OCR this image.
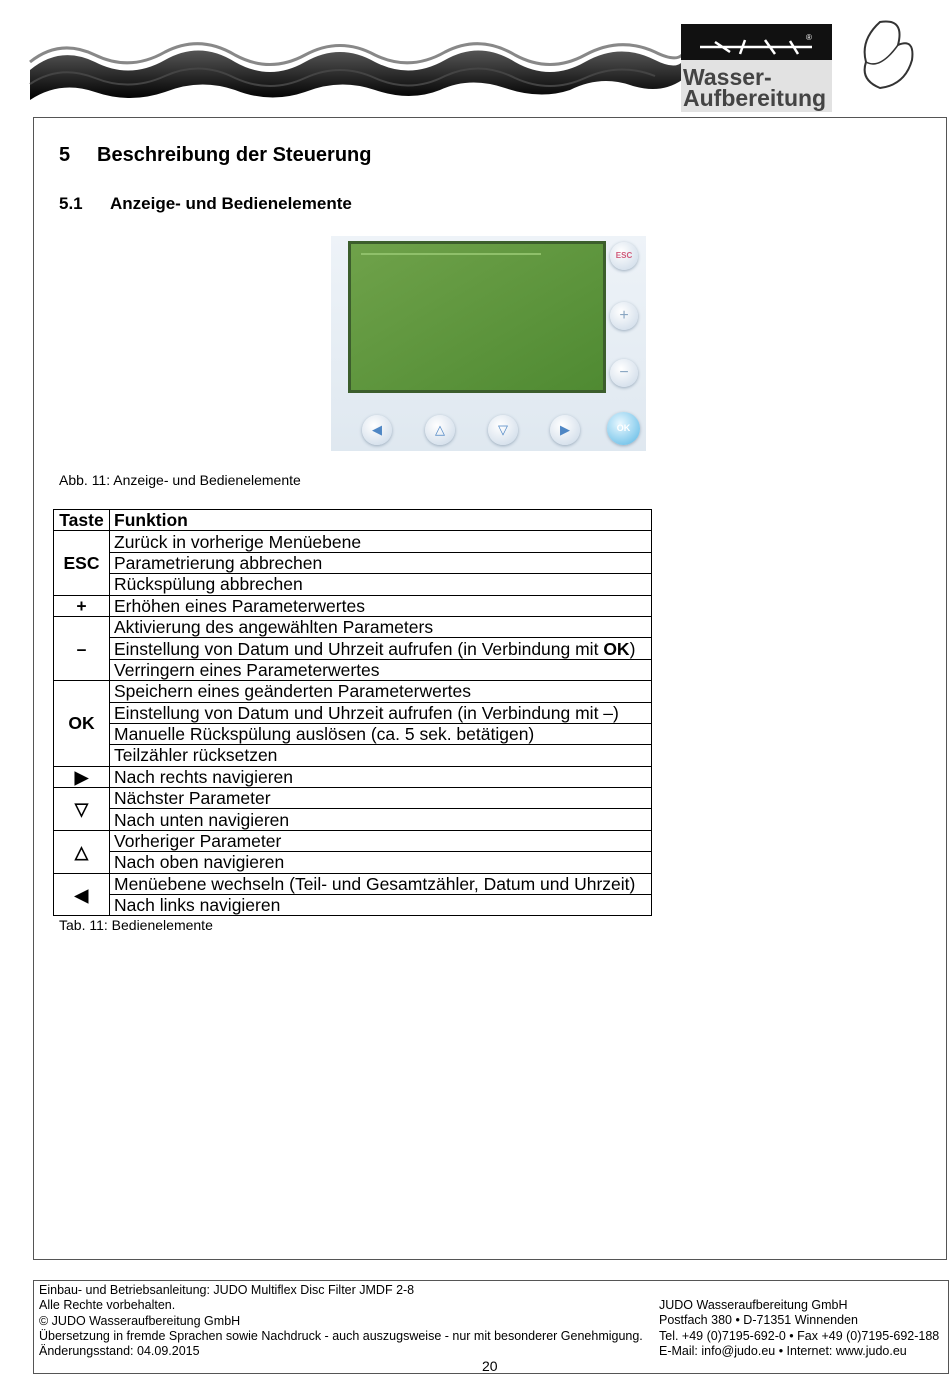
®
Wasser-
Aufbereitung
5 Beschreibung der Steuerung
5.1 Anzeige- und Bedienelemente
ESC
+
−
◀	△	▽	▶	OK
Abb. 11: Anzeige- und Bedienelemente
Taste	Funktion
ESC	Zurück in vorherige Menüebene
	Parametrierung abbrechen
	Rückspülung abbrechen
+	Erhöhen eines Parameterwertes
–	Aktivierung des angewählten Parameters
	Einstellung von Datum und Uhrzeit aufrufen (in Verbindung mit OK)
	Verringern eines Parameterwertes
OK	Speichern eines geänderten Parameterwertes
	Einstellung von Datum und Uhrzeit aufrufen (in Verbindung mit –)
	Manuelle Rückspülung auslösen (ca. 5 sek. betätigen)
	Teilzähler rücksetzen
▶	Nach rechts navigieren
▽	Nächster Parameter
	Nach unten navigieren
△	Vorheriger Parameter
	Nach oben navigieren
◀	Menüebene wechseln (Teil- und Gesamtzähler, Datum und Uhrzeit)
	Nach links navigieren
Tab. 11: Bedienelemente
Einbau- und Betriebsanleitung: JUDO Multiflex Disc Filter JMDF 2-8
Alle Rechte vorbehalten.
© JUDO Wasseraufbereitung GmbH
Übersetzung in fremde Sprachen sowie Nachdruck - auch auszugsweise - nur mit besonderer Genehmigung.
Änderungsstand: 04.09.2015
JUDO Wasseraufbereitung GmbH
Postfach 380 • D-71351 Winnenden
Tel. +49 (0)7195-692-0 • Fax +49 (0)7195-692-188
E-Mail: info@judo.eu • Internet: www.judo.eu
20
